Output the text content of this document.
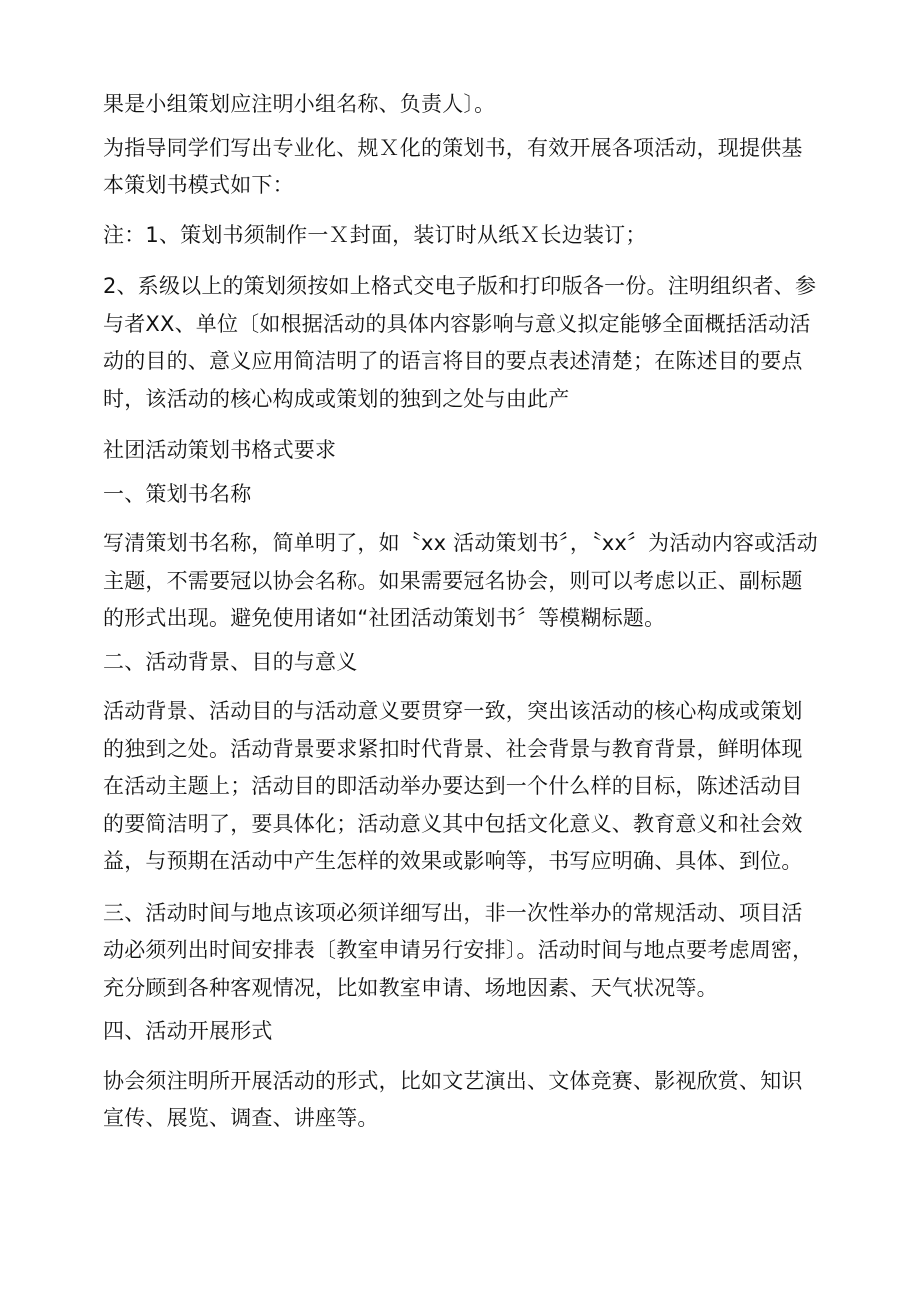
果是小组策划应注明小组名称、负责人〕。

为指导同学们写出专业化、规Ｘ化的策划书，有效开展各项活动，现提供基本策划书模式如下：

注：1、策划书须制作一Ｘ封面，装订时从纸Ｘ长边装订；

2、系级以上的策划须按如上格式交电子版和打印版各一份。注明组织者、参与者XX、单位〔如根据活动的具体内容影响与意义拟定能够全面概括活动活动的目的、意义应用简洁明了的语言将目的要点表述清楚；在陈述目的要点时，该活动的核心构成或策划的独到之处与由此产

社团活动策划书格式要求

一、策划书名称

写清策划书名称，简单明了，如〝xx 活动策划书〞，〝xx〞为活动内容或活动主题，不需要冠以协会名称。如果需要冠名协会，则可以考虑以正、副标题的形式出现。避免使用诸如“社团活动策划书〞等模糊标题。

二、活动背景、目的与意义

活动背景、活动目的与活动意义要贯穿一致，突出该活动的核心构成或策划的独到之处。活动背景要求紧扣时代背景、社会背景与教育背景，鲜明体现在活动主题上；活动目的即活动举办要达到一个什么样的目标，陈述活动目的要简洁明了，要具体化；活动意义其中包括文化意义、教育意义和社会效益，与预期在活动中产生怎样的效果或影响等，书写应明确、具体、到位。

三、活动时间与地点该项必须详细写出，非一次性举办的常规活动、项目活动必须列出时间安排表〔教室申请另行安排〕。活动时间与地点要考虑周密，充分顾到各种客观情况，比如教室申请、场地因素、天气状况等。

四、活动开展形式

协会须注明所开展活动的形式，比如文艺演出、文体竞赛、影视欣赏、知识宣传、展览、调查、讲座等。
